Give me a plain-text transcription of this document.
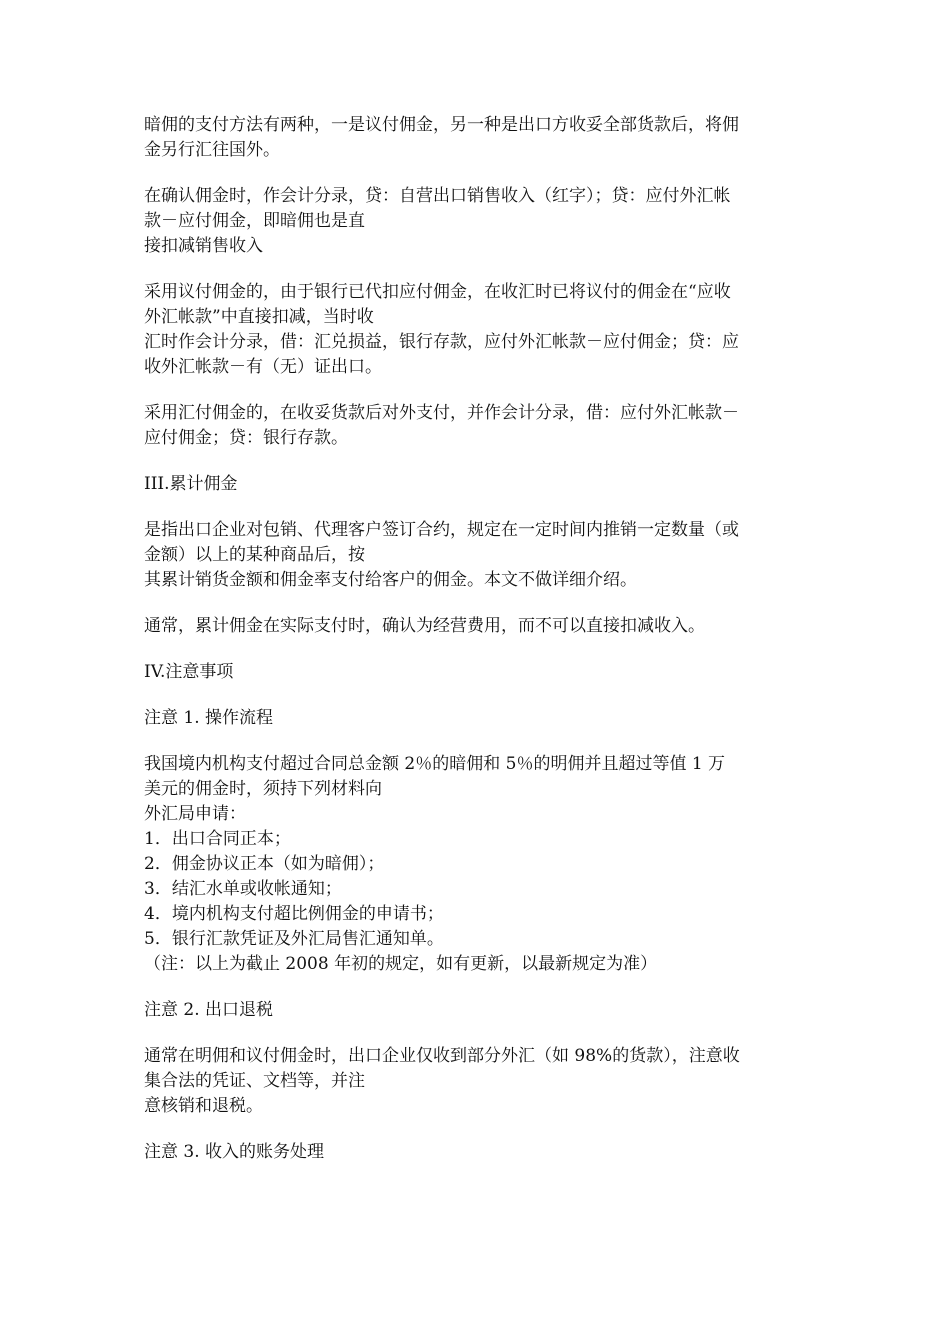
暗佣的支付方法有两种，一是议付佣金，另一种是出口方收妥全部货款后，将佣
金另行汇往国外。
在确认佣金时，作会计分录，贷：自营出口销售收入（红字）；贷：应付外汇帐
款－应付佣金，即暗佣也是直
接扣减销售收入
采用议付佣金的，由于银行已代扣应付佣金，在收汇时已将议付的佣金在“应收
外汇帐款”中直接扣减，当时收
汇时作会计分录，借：汇兑损益，银行存款，应付外汇帐款－应付佣金；贷：应
收外汇帐款－有（无）证出口。
采用汇付佣金的，在收妥货款后对外支付，并作会计分录，借：应付外汇帐款－
应付佣金；贷：银行存款。
III.累计佣金
是指出口企业对包销、代理客户签订合约，规定在一定时间内推销一定数量（或
金额）以上的某种商品后，按
其累计销货金额和佣金率支付给客户的佣金。本文不做详细介绍。
通常，累计佣金在实际支付时，确认为经营费用，而不可以直接扣减收入。
IV.注意事项
注意 1. 操作流程
我国境内机构支付超过合同总金额 2％的暗佣和 5％的明佣并且超过等值 1 万
美元的佣金时，须持下列材料向
外汇局申请：
1．出口合同正本；
2．佣金协议正本（如为暗佣）；
3．结汇水单或收帐通知；
4．境内机构支付超比例佣金的申请书；
5．银行汇款凭证及外汇局售汇通知单。
（注：以上为截止 2008 年初的规定，如有更新，以最新规定为准）
注意 2. 出口退税
通常在明佣和议付佣金时，出口企业仅收到部分外汇（如 98%的货款），注意收
集合法的凭证、文档等，并注
意核销和退税。
注意 3. 收入的账务处理
